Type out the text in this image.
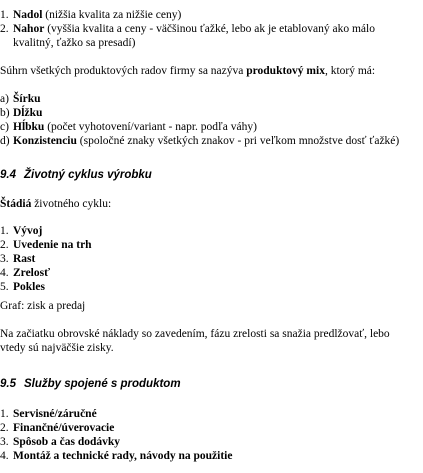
1. Nadol (nižšia kvalita za nižšie ceny)
2. Nahor (vyššia kvalita a ceny - väčšinou ťažké, lebo ak je etablovaný ako málo
kvalitný, ťažko sa presadí)
Súhrn všetkých produktových radov firmy sa nazýva produktový mix, ktorý má:
a) Šírku
b) Dĺžku
c) Hĺbku (počet vyhotovení/variant - napr. podľa váhy)
d) Konzistenciu (spoločné znaky všetkých znakov - pri veľkom množstve dosť ťažké)
9.4 Životný cyklus výrobku
Štádiá životného cyklu:
1. Vývoj
2. Uvedenie na trh
3. Rast
4. Zrelosť
5. Pokles
Graf: zisk a predaj
Na začiatku obrovské náklady so zavedením, fázu zrelosti sa snažia predlžovať, lebo
vtedy sú najväčšie zisky.
9.5 Služby spojené s produktom
1. Servisné/záručné
2. Finančné/úverovacie
3. Spôsob a čas dodávky
4. Montáž a technické rady, návody na použitie
